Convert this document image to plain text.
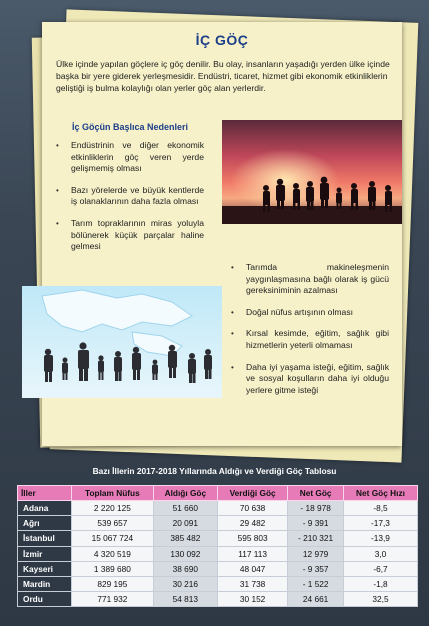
İÇ GÖÇ

Ülke içinde yapılan göçlere iç göç denilir. Bu olay, insanların yaşadığı yerden ülke içinde başka bir yere giderek yerleşmesidir. Endüstri, ticaret, hizmet gibi ekonomik etkinliklerin geliştiği iş bulma kolaylığı olan yerler göç alan yerlerdir.

İç Göçün Başlıca Nedenleri
• Endüstrinin ve diğer ekonomik etkinliklerin göç veren yerde gelişmemiş olması
• Bazı yörelerde ve büyük kentlerde iş olanaklarının daha fazla olması
• Tarım topraklarının miras yoluyla bölünerek küçük parçalar haline gelmesi
• Tarımda makineleşmenin yaygınlaşmasına bağlı olarak iş gücü gereksiniminin azalması
• Doğal nüfus artışının olması
• Kırsal kesimde, eğitim, sağlık gibi hizmetlerin yeterli olmaması
• Daha iyi yaşama isteği, eğitim, sağlık ve sosyal koşulların daha iyi olduğu yerlere gitme isteği
Bazı İllerin 2017-2018 Yıllarında Aldığı ve Verdiği Göç Tablosu
İller	Toplam Nüfus	Aldığı Göç	Verdiği Göç	Net Göç	Net Göç Hızı
Adana	2 220 125	51 660	70 638	- 18 978	-8,5
Ağrı	539 657	20 091	29 482	- 9 391	-17,3
İstanbul	15 067 724	385 482	595 803	- 210 321	-13,9
İzmir	4 320 519	130 092	117 113	12 979	3,0
Kayseri	1 389 680	38 690	48 047	- 9 357	-6,7
Mardin	829 195	30 216	31 738	- 1 522	-1,8
Ordu	771 932	54 813	30 152	24 661	32,5
